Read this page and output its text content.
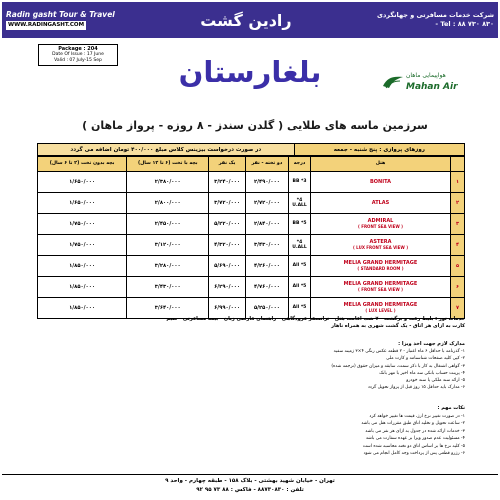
Radin gasht Tour & Travel
WWW.RADINGASHT.COM	رادین گشت	شرکت خدمات مسافرتی و جهانگردی
Tel : ۸۸ ۷۳۰ ۸۳۰ -
Package : 204
Date Of Issue : 17 June
Valid : 07 July-15 Sep	بلغارستان	هواپیمایی ماهان
Mahan Air
سرزمین ماسه های طلایی ( گلدن سندز - ۸ روزه - پرواز ماهان )
روزهای پروازی : پنج شنبه - جمعه
در صورت درخواست بیزینس کلاس مبلغ ۴۰۰/۰۰۰ تومان اضافه می گردد
	هتل	درجه	دو تخته - نفر	یک نفر	بچه با تخت (۶ تا ۱۲ سال)	بچه بدون تخت (۲ تا ۶ سال)
۱	BONITA	3* BB	۲/۴۹۰/۰۰۰	۳/۲۴۰/۰۰۰	۲/۳۸۰/۰۰۰	۱/۶۵۰/۰۰۰
۲	ATLAS	4* U.ALL	۲/۷۲۰/۰۰۰	۳/۷۲۰/۰۰۰	۲/۸۰۰/۰۰۰	۱/۶۵۰/۰۰۰
۳	ADMIRAL
( FRONT SEA VIEW )	5* BB	۲/۸۴۰/۰۰۰	۵/۲۲۰/۰۰۰	۲/۴۵۰/۰۰۰	۱/۷۵۰/۰۰۰
۴	ASTERA
( LUX FRONT SEA VIEW )	4* U.ALL	۳/۴۳۰/۰۰۰	۴/۳۲۰/۰۰۰	۳/۱۲۰/۰۰۰	۱/۷۵۰/۰۰۰
۵	MELIA GRAND HERMITAGE
( STANDARD ROOM )	5* All	۴/۲۶۰/۰۰۰	۵/۶۹۰/۰۰۰	۳/۲۸۰/۰۰۰	۱/۸۵۰/۰۰۰
۶	MELIA GRAND HERMITAGE
( FRONT SEA VIEW )	5* All	۴/۷۶۰/۰۰۰	۶/۲۹۰/۰۰۰	۳/۴۳۰/۰۰۰	۱/۸۵۰/۰۰۰
۷	MELIA GRAND HERMITAGE
( LUX LEVEL )	5* All	۵/۲۵۰/۰۰۰	۶/۹۹۰/۰۰۰	۳/۶۴۰/۰۰۰	۱/۸۵۰/۰۰۰
خدمات تور : بلیط رفت و برگشت - ۷ شب اقامت هتل - ترانسفر فرودگاهی - راهنمای فارسی زبان - بیمه مسافرتی - سیم
کارت به ازای هر اتاق - یک گشت شهری به همراه ناهار
مدارک لازم جهت اخذ ویزا :
۱- گذرنامه با حداقل ۶ ماه اعتبار - ۲ قطعه عکس رنگی ۴×۳ زمینه سفید
۲- کپی کلیه صفحات شناسنامه و کارت ملی
۳- گواهی اشتغال به کار با ذکر سمت، سابقه و میزان حقوق (ترجمه شده)
۴- پرینت حساب بانکی سه ماه اخیر با مهر بانک
۵- ارائه سند ملکی یا سند خودرو
۶- مدارک باید حداقل ۱۵ روز قبل از پرواز تحویل گردد
نکات مهم :
۱- در صورت تغییر نرخ ارز، قیمت ها تغییر خواهد کرد
۲- ساعت تحویل و تخلیه اتاق طبق مقررات هتل می باشد
۳- خدمات ارائه شده در جدول به ازای هر نفر می باشد
۴- مسئولیت عدم صدور ویزا بر عهده سفارت می باشد
۵- کلیه نرخ ها بر اساس اتاق دو تخته محاسبه شده است
۶- رزرو قطعی پس از پرداخت وجه کامل انجام می شود
تهران - خیابان شهید بهشتی - بلاک ۱۵۸ - طبقه چهارم - واحد ۹
تلفن : ۸۸۷۳۰۸۳۰ - فاکس : ۸۸ ۷۳ ۹۵ ۹۲
